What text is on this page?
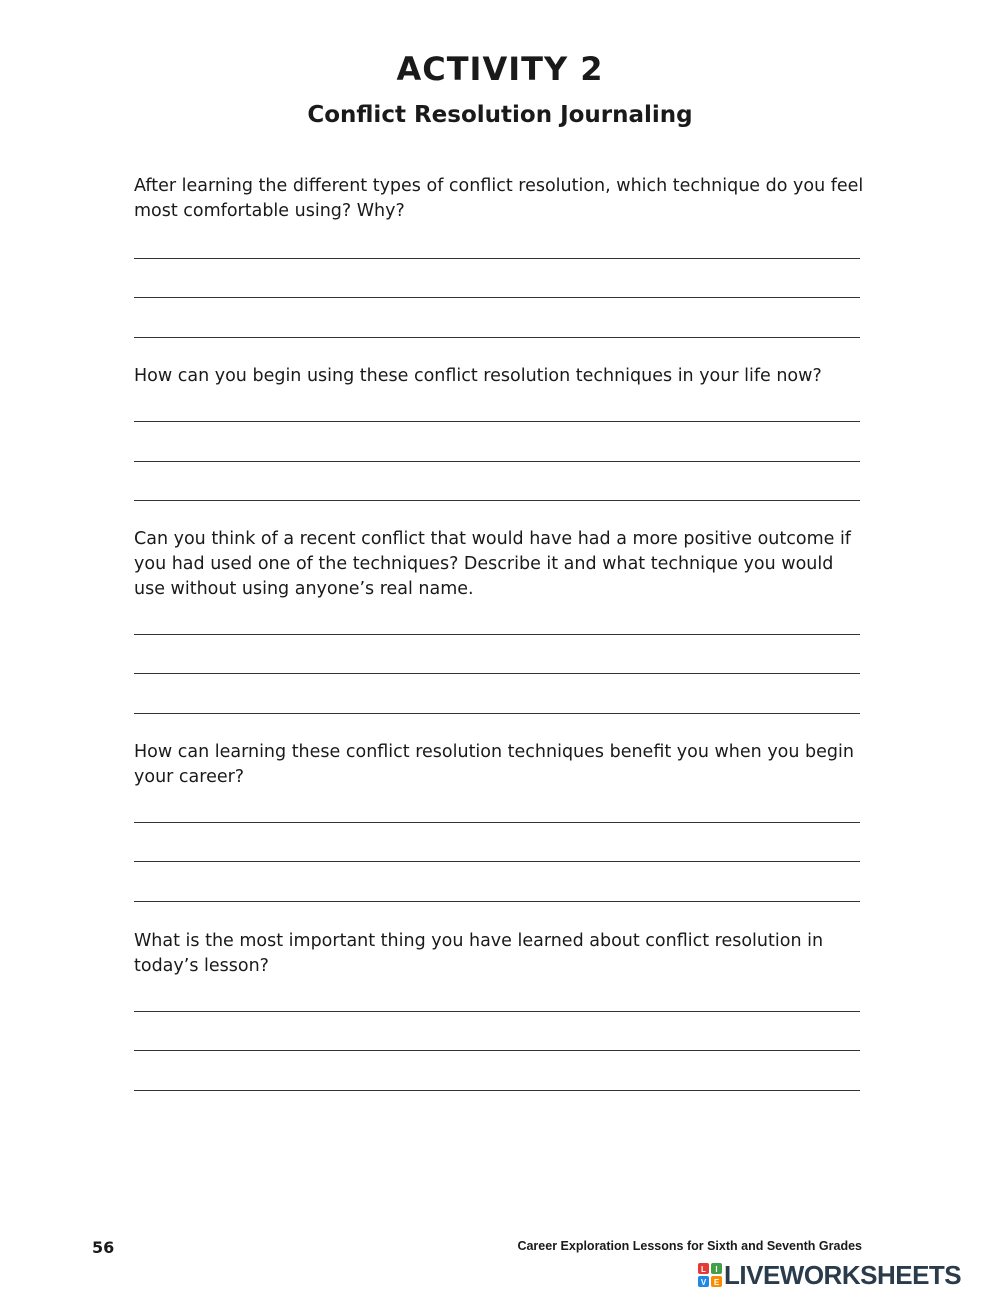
ACTIVITY 2
Conflict Resolution Journaling

After learning the different types of conflict resolution, which technique do you feel most comfortable using? Why?

How can you begin using these conflict resolution techniques in your life now?

Can you think of a recent conflict that would have had a more positive outcome if you had used one of the techniques? Describe it and what technique you would use without using anyone’s real name.

How can learning these conflict resolution techniques benefit you when you begin your career?

What is the most important thing you have learned about conflict resolution in today’s lesson?

56	Career Exploration Lessons for Sixth and Seventh Grades
L I
V E LIVEWORKSHEETS
